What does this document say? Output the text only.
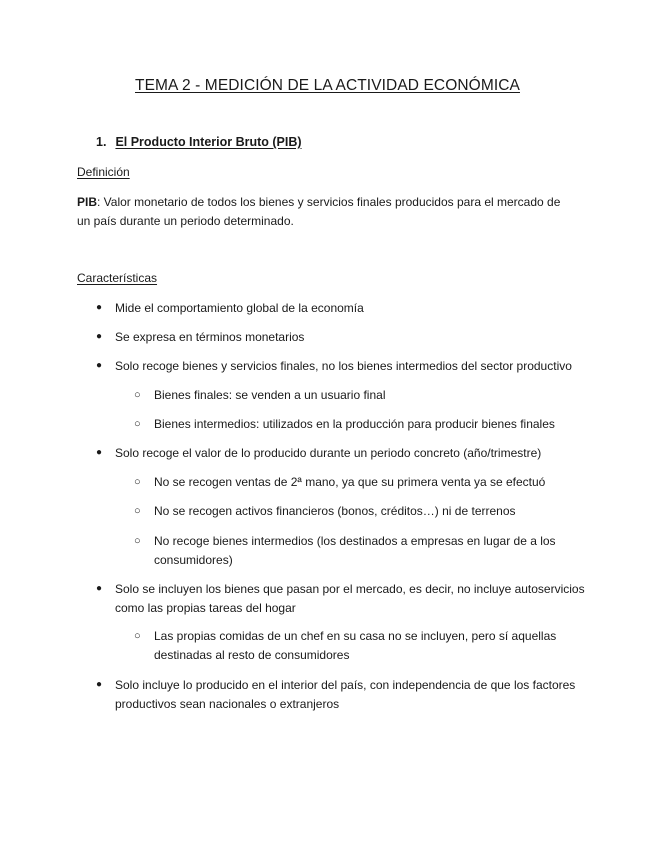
TEMA 2 - MEDICIÓN DE LA ACTIVIDAD ECONÓMICA
1. El Producto Interior Bruto (PIB)

Definición

PIB: Valor monetario de todos los bienes y servicios finales producidos para el mercado de un país durante un periodo determinado.

Características

● Mide el comportamiento global de la economía

● Se expresa en términos monetarios

● Solo recoge bienes y servicios finales, no los bienes intermedios del sector productivo

○ Bienes finales: se venden a un usuario final

○ Bienes intermedios: utilizados en la producción para producir bienes finales

● Solo recoge el valor de lo producido durante un periodo concreto (año/trimestre)

○ No se recogen ventas de 2ª mano, ya que su primera venta ya se efectuó

○ No se recogen activos financieros (bonos, créditos…) ni de terrenos

○ No recoge bienes intermedios (los destinados a empresas en lugar de a los consumidores)

● Solo se incluyen los bienes que pasan por el mercado, es decir, no incluye autoservicios como las propias tareas del hogar

○ Las propias comidas de un chef en su casa no se incluyen, pero sí aquellas destinadas al resto de consumidores

● Solo incluye lo producido en el interior del país, con independencia de que los factores productivos sean nacionales o extranjeros
